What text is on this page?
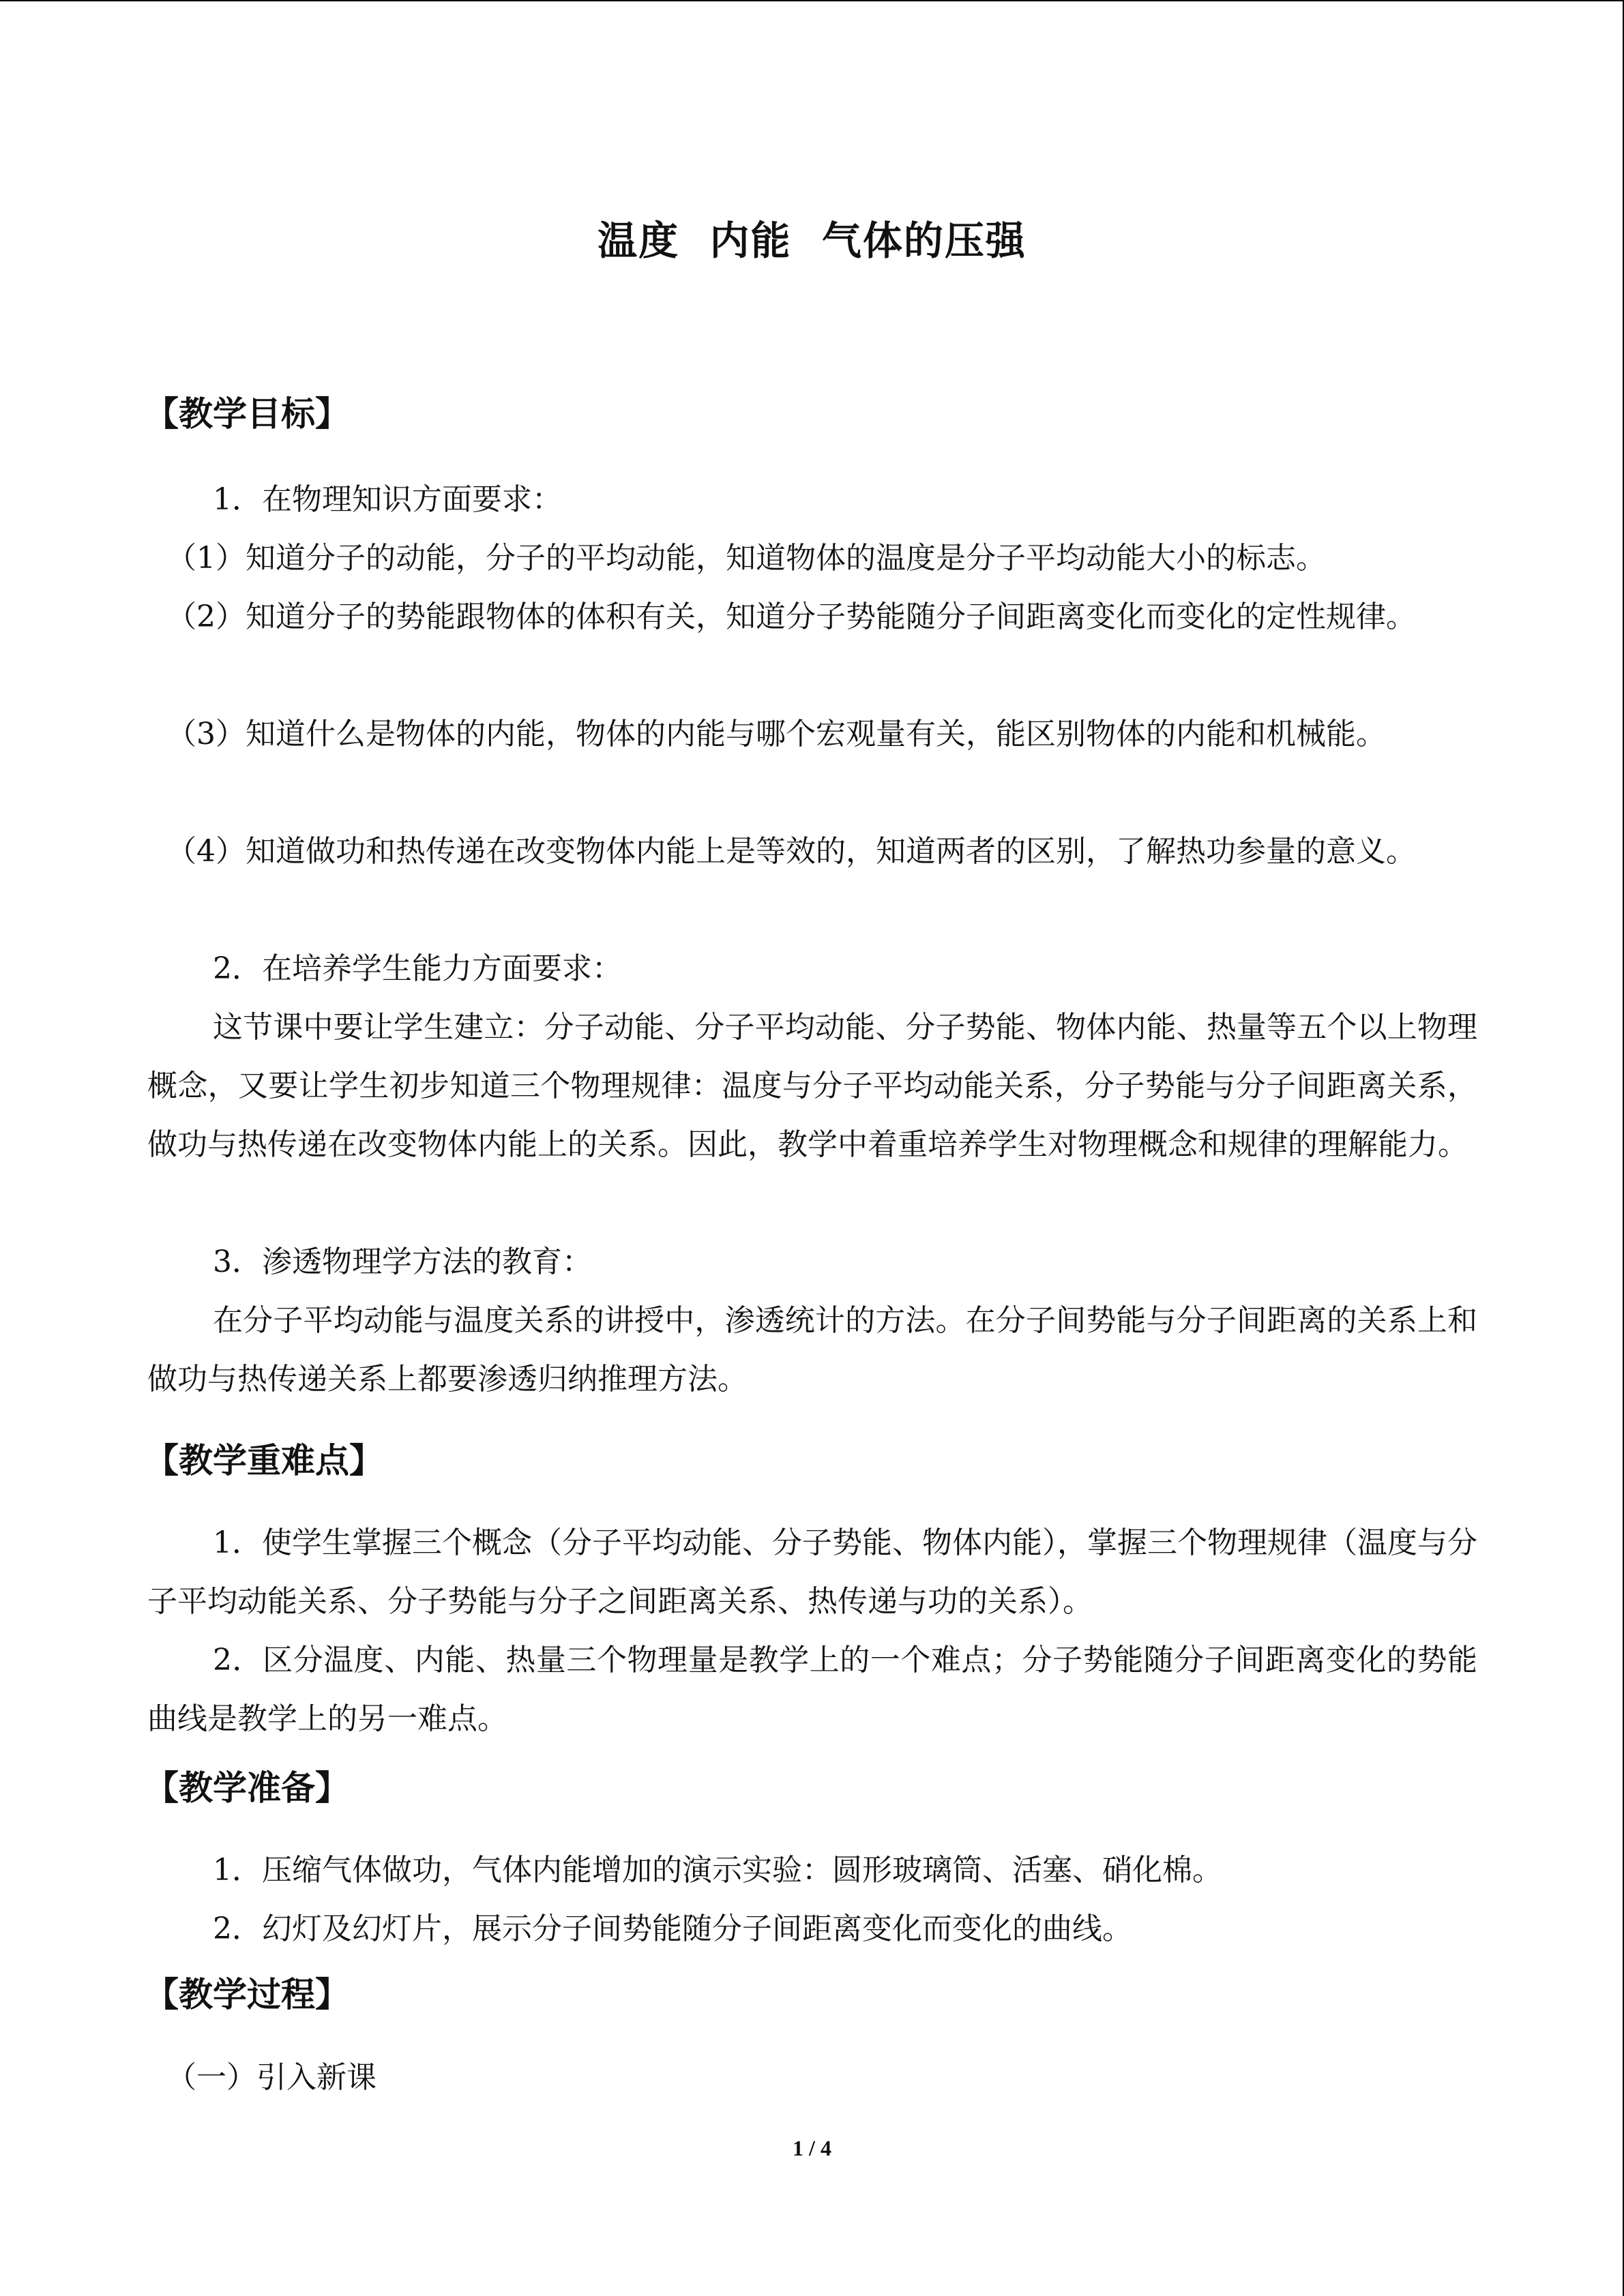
温度  内能  气体的压强
【教学目标】

1．在物理知识方面要求：

（1）知道分子的动能，分子的平均动能，知道物体的温度是分子平均动能大小的标志。

（2）知道分子的势能跟物体的体积有关，知道分子势能随分子间距离变化而变化的定性规律。

（3）知道什么是物体的内能，物体的内能与哪个宏观量有关，能区别物体的内能和机械能。

（4）知道做功和热传递在改变物体内能上是等效的，知道两者的区别，了解热功参量的意义。

2．在培养学生能力方面要求：

这节课中要让学生建立：分子动能、分子平均动能、分子势能、物体内能、热量等五个以上物理概念，又要让学生初步知道三个物理规律：温度与分子平均动能关系，分子势能与分子间距离关系，做功与热传递在改变物体内能上的关系。因此，教学中着重培养学生对物理概念和规律的理解能力。

3．渗透物理学方法的教育：

在分子平均动能与温度关系的讲授中，渗透统计的方法。在分子间势能与分子间距离的关系上和做功与热传递关系上都要渗透归纳推理方法。

【教学重难点】

1．使学生掌握三个概念（分子平均动能、分子势能、物体内能），掌握三个物理规律（温度与分子平均动能关系、分子势能与分子之间距离关系、热传递与功的关系）。

2．区分温度、内能、热量三个物理量是教学上的一个难点；分子势能随分子间距离变化的势能曲线是教学上的另一难点。

【教学准备】

1．压缩气体做功，气体内能增加的演示实验：圆形玻璃筒、活塞、硝化棉。

2．幻灯及幻灯片，展示分子间势能随分子间距离变化而变化的曲线。

【教学过程】

（一）引入新课

1 / 4
